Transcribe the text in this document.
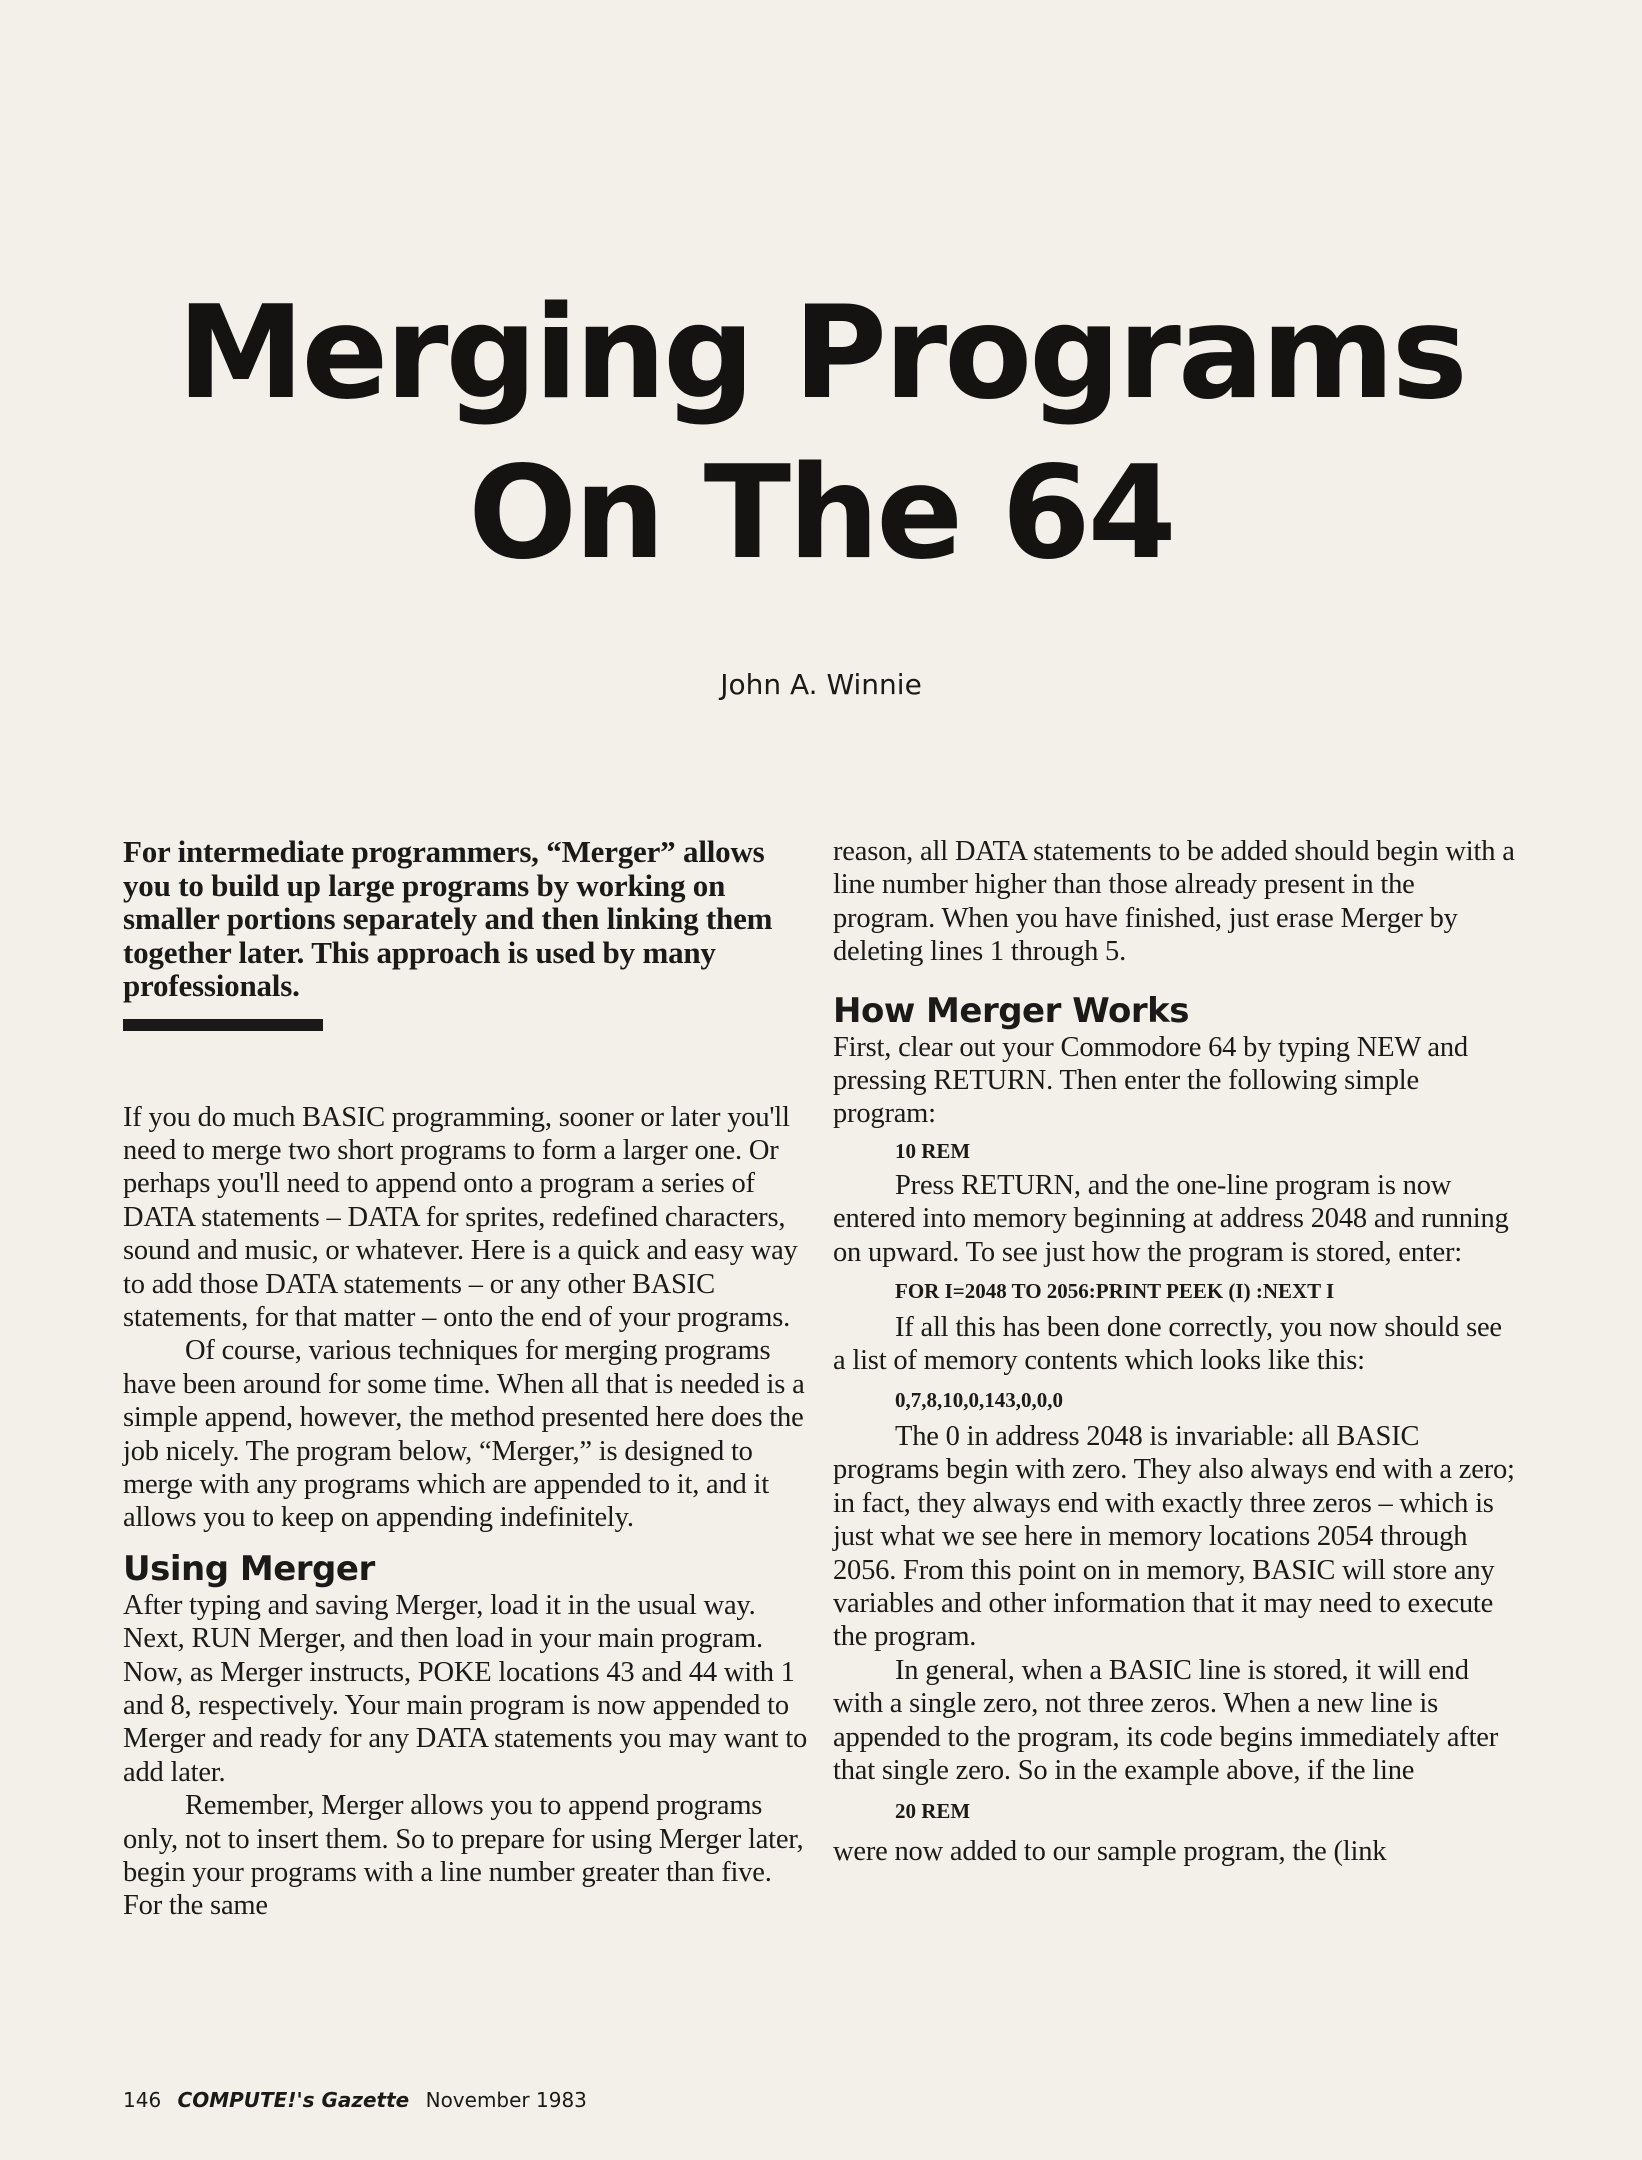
Merging Programs
On The 64

John A. Winnie

For intermediate programmers, “Merger” allows you to build up large programs by working on smaller portions separately and then linking them together later. This approach is used by many professionals.

If you do much BASIC programming, sooner or later you'll need to merge two short programs to form a larger one. Or perhaps you'll need to append onto a program a series of DATA statements – DATA for sprites, redefined characters, sound and music, or whatever. Here is a quick and easy way to add those DATA statements – or any other BASIC statements, for that matter – onto the end of your programs.

Of course, various techniques for merging programs have been around for some time. When all that is needed is a simple append, however, the method presented here does the job nicely. The program below, “Merger,” is designed to merge with any programs which are appended to it, and it allows you to keep on appending indefinitely.

Using Merger

After typing and saving Merger, load it in the usual way. Next, RUN Merger, and then load in your main program. Now, as Merger instructs, POKE locations 43 and 44 with 1 and 8, respectively. Your main program is now appended to Merger and ready for any DATA statements you may want to add later.

Remember, Merger allows you to append programs only, not to insert them. So to prepare for using Merger later, begin your programs with a line number greater than five. For the same

reason, all DATA statements to be added should begin with a line number higher than those already present in the program. When you have finished, just erase Merger by deleting lines 1 through 5.

How Merger Works

First, clear out your Commodore 64 by typing NEW and pressing RETURN. Then enter the following simple program:

10 REM

Press RETURN, and the one-line program is now entered into memory beginning at address 2048 and running on upward. To see just how the program is stored, enter:

FOR I=2048 TO 2056:PRINT PEEK (I) :NEXT I

If all this has been done correctly, you now should see a list of memory contents which looks like this:

0,7,8,10,0,143,0,0,0

The 0 in address 2048 is invariable: all BASIC programs begin with zero. They also always end with a zero; in fact, they always end with exactly three zeros – which is just what we see here in memory locations 2054 through 2056. From this point on in memory, BASIC will store any variables and other information that it may need to execute the program.

In general, when a BASIC line is stored, it will end with a single zero, not three zeros. When a new line is appended to the program, its code begins immediately after that single zero. So in the example above, if the line

20 REM

were now added to our sample program, the (link

146 COMPUTE!'s Gazette November 1983
